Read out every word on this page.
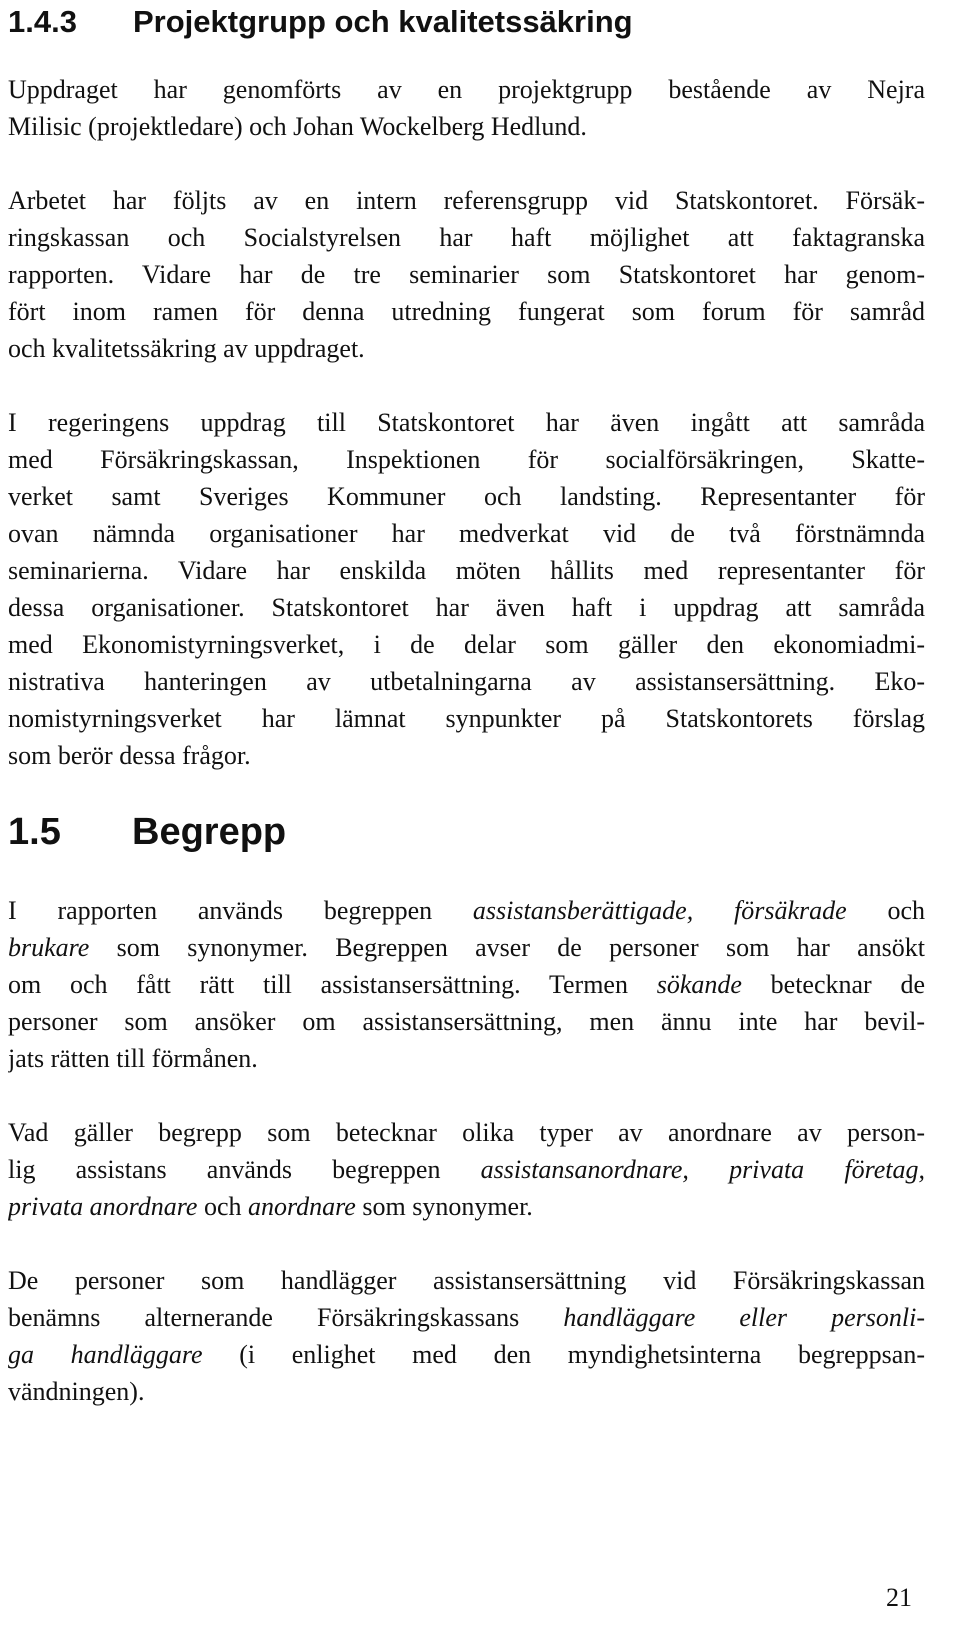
1.4.3 Projektgrupp och kvalitetssäkring

Uppdraget har genomförts av en projektgrupp bestående av Nejra
Milisic (projektledare) och Johan Wockelberg Hedlund.

Arbetet har följts av en intern referensgrupp vid Statskontoret. Försäk-
ringskassan och Socialstyrelsen har haft möjlighet att faktagranska
rapporten. Vidare har de tre seminarier som Statskontoret har genom-
fört inom ramen för denna utredning fungerat som forum för samråd
och kvalitetssäkring av uppdraget.

I regeringens uppdrag till Statskontoret har även ingått att samråda
med Försäkringskassan, Inspektionen för socialförsäkringen, Skatte-
verket samt Sveriges Kommuner och landsting. Representanter för
ovan nämnda organisationer har medverkat vid de två förstnämnda
seminarierna. Vidare har enskilda möten hållits med representanter för
dessa organisationer. Statskontoret har även haft i uppdrag att samråda
med Ekonomistyrningsverket, i de delar som gäller den ekonomiadmi-
nistrativa hanteringen av utbetalningarna av assistansersättning. Eko-
nomistyrningsverket har lämnat synpunkter på Statskontorets förslag
som berör dessa frågor.

1.5 Begrepp

I rapporten används begreppen assistansberättigade, försäkrade och
brukare som synonymer. Begreppen avser de personer som har ansökt
om och fått rätt till assistansersättning. Termen sökande betecknar de
personer som ansöker om assistansersättning, men ännu inte har bevil-
jats rätten till förmånen.

Vad gäller begrepp som betecknar olika typer av anordnare av person-
lig assistans används begreppen assistansanordnare, privata företag,
privata anordnare och anordnare som synonymer.

De personer som handlägger assistansersättning vid Försäkringskassan
benämns alternerande Försäkringskassans handläggare eller personli-
ga handläggare (i enlighet med den myndighetsinterna begreppsan-
vändningen).

21
